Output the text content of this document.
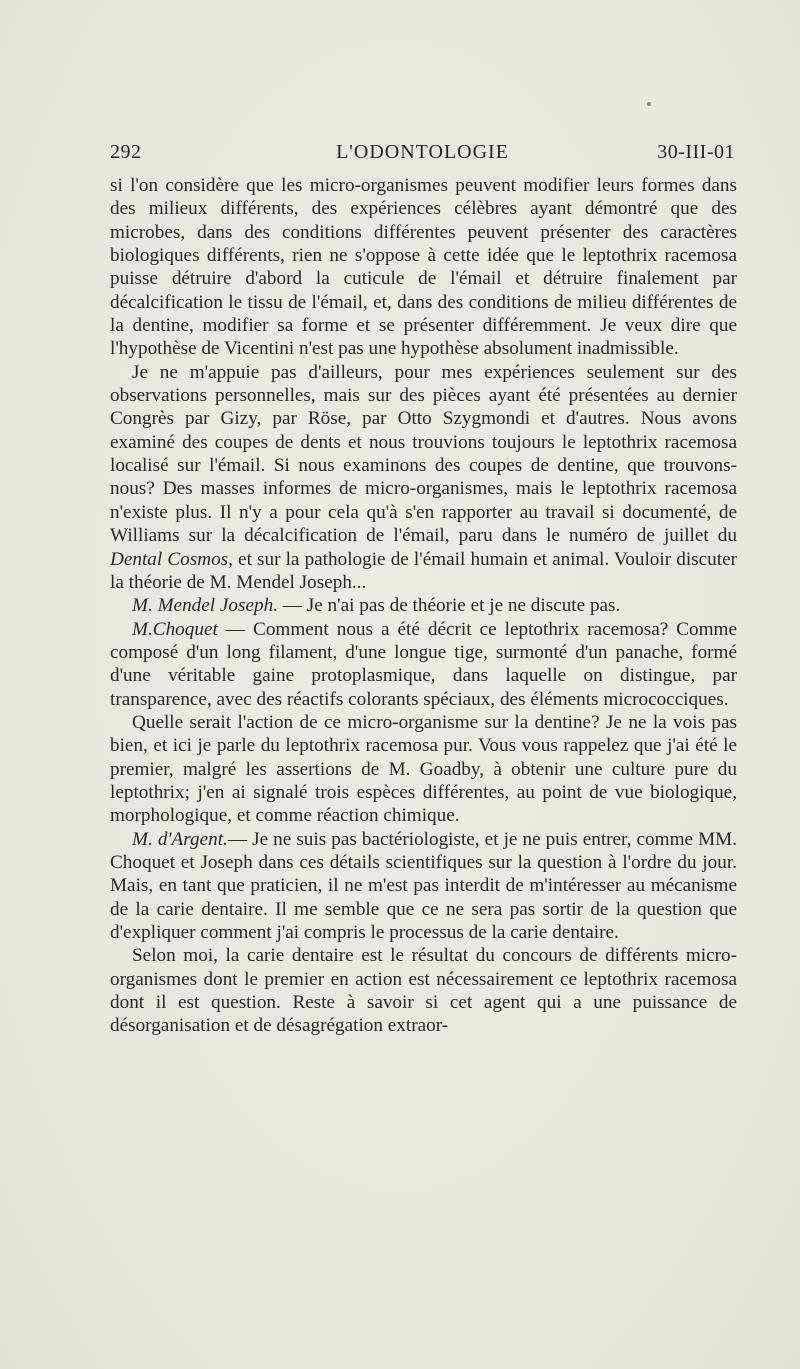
292	L'ODONTOLOGIE	30-III-01

si l'on considère que les micro-organismes peuvent modifier leurs formes dans des milieux différents, des expériences célèbres ayant démontré que des microbes, dans des conditions différentes peuvent présenter des caractères biologiques différents, rien ne s'oppose à cette idée que le leptothrix racemosa puisse détruire d'abord la cuticule de l'émail et détruire finalement par décalcification le tissu de l'émail, et, dans des conditions de milieu différentes de la dentine, modifier sa forme et se présenter différemment. Je veux dire que l'hypothèse de Vicentini n'est pas une hypothèse absolument inadmissible.

Je ne m'appuie pas d'ailleurs, pour mes expériences seulement sur des observations personnelles, mais sur des pièces ayant été présentées au dernier Congrès par Gizy, par Röse, par Otto Szygmondi et d'autres. Nous avons examiné des coupes de dents et nous trouvions toujours le leptothrix racemosa localisé sur l'émail. Si nous examinons des coupes de dentine, que trouvons-nous? Des masses informes de micro-organismes, mais le leptothrix racemosa n'existe plus. Il n'y a pour cela qu'à s'en rapporter au travail si documenté, de Williams sur la décalcification de l'émail, paru dans le numéro de juillet du Dental Cosmos, et sur la pathologie de l'émail humain et animal. Vouloir discuter la théorie de M. Mendel Joseph...

M. Mendel Joseph. — Je n'ai pas de théorie et je ne discute pas.

M.Choquet — Comment nous a été décrit ce leptothrix racemosa? Comme composé d'un long filament, d'une longue tige, surmonté d'un panache, formé d'une véritable gaine protoplasmique, dans laquelle on distingue, par transparence, avec des réactifs colorants spéciaux, des éléments micrococciques.

Quelle serait l'action de ce micro-organisme sur la dentine? Je ne la vois pas bien, et ici je parle du leptothrix racemosa pur. Vous vous rappelez que j'ai été le premier, malgré les assertions de M. Goadby, à obtenir une culture pure du leptothrix; j'en ai signalé trois espèces différentes, au point de vue biologique, morphologique, et comme réaction chimique.

M. d'Argent.— Je ne suis pas bactériologiste, et je ne puis entrer, comme MM. Choquet et Joseph dans ces détails scientifiques sur la question à l'ordre du jour. Mais, en tant que praticien, il ne m'est pas interdit de m'intéresser au mécanisme de la carie dentaire. Il me semble que ce ne sera pas sortir de la question que d'expliquer comment j'ai compris le processus de la carie dentaire.

Selon moi, la carie dentaire est le résultat du concours de différents micro-organismes dont le premier en action est nécessairement ce leptothrix racemosa dont il est question. Reste à savoir si cet agent qui a une puissance de désorganisation et de désagrégation extraor-
